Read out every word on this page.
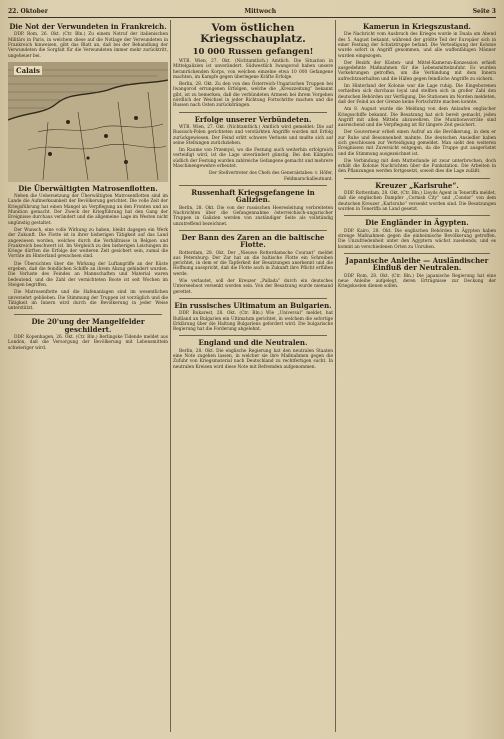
22. Oktober	Mittwoch	Seite 3
Die Not der Verwundeten in Frankreich.

DDP. Rom, 26. Okt. (Ctr. Bln.) Zu einem Notruf der italienischen Militärs in Paris, in welchem diese auf die Notlage der Verwundeten in Frankreich hinweisen, gibt das Blatt an, daß bei der Behandlung der Verwundeten die Sorgfalt für die Verwundeten immer mehr zurücktritt, ungeheuer bei.

Calais
Die Überwältigten Matrosenflotten.

Neben die Uebersetzung der Überwältigten Matrosenflotten sind im Lande die Aufmerksamkeit der Bevölkerung gerichtet. Die volle Zeit der Kriegsführung hat einen Mangel an Verpflegung an den Fronten und an Munition gemacht. Der Zweck der Kriegführung hat den Gang der Ereignisse durchaus verändert und die allgemeine Lage im Westen nicht ungünstig gestaltet.

Der Wunsch, eine volle Wirkung zu haben, bleibt dagegen ein Werk der Zukunft. Die Flotte ist in ihrer bisherigen Tätigkeit auf das Land angewiesen worden, welches durch die Verhältnisse in Belgien und Frankreich beschwert ist. Im Vergleich zu den bisherigen Leistungen im Kriege dürften die Erfolge der weiteren Zeit gesichert sein, zumal die Vorräte im Hinterland gewachsen sind.

Die Übersichten über die Wirkung der Luftangriffe an der Küste ergeben, daß die feindlichen Schiffe an ihrem Abzug gehindert wurden. Die Verluste des Feindes an Mannschaften und Material waren bedeutend, und die Zahl der vernichteten Boote ist seit Wochen im Steigen begriffen.

Die Matrosenflotte und die Hafenanlagen sind im wesentlichen unversehrt geblieben. Die Stimmung der Truppen ist vorzüglich und die Tätigkeit im Innern wird durch die Bevölkerung in jeder Weise unterstützt.

Die 20'ung der Mangelfelder geschildert.

DDP. Kopenhagen, 26. Okt. (Ctr. Bln.) Berlingske Tidende meldet aus London, daß die Versorgung der Bevölkerung mit Lebensmitteln schwieriger wird.

Vom östlichen Kriegsschauplatz.
10 000 Russen gefangen!

WTB. Wien, 27. Okt. (Nichtamtlich.) Amtlich. Die Situation in Mittelgalizien ist unverändert. Südwestlich Iwangorod haben unsere heranrückenden Korps, von welchen einzelne etwa 10 000 Gefangene machten, im Kampfe gegen überlegene Kräfte Erfolge.

Berlin, 28. Okt. Zu den von den Österreich-Ungarischen Truppen bei Iwangorod errungenen Erfolgen, welche die „Kreuzzeitung“ bekannt gibt, ist zu bemerken, daß die verbündeten Armeen bei ihrem Vorgehen nördlich der Weichsel in jeder Richtung Fortschritte machen und die Russen nach Osten zurückdrängen.

Erfolge unserer Verbündeten.

WTB. Wien, 27. Okt. (Nichtamtlich.) Amtlich wird gemeldet: Die auf Russisch-Polen gerichteten und verstärkten Angriffe wurden mit Erfolg zurückgewiesen. Der Feind erlitt schwere Verluste und mußte sich auf seine Stellungen zurückziehen.

Im Raume von Przemysl, wo die Festung auch weiterhin erfolgreich verteidigt wird, ist die Lage unverändert günstig. Bei den Kämpfen südlich der Festung wurden zahlreiche Gefangene gemacht und mehrere Maschinengewehre erbeutet.

Der Stellvertreter des Chefs des Generalstabes: v. Höfer, Feldmarschalleutnant.

Russenhaft Kriegsgefangene in Galizien.

Berlin, 28. Okt. Die von der russischen Heeresleitung verbreiteten Nachrichten über die Gefangennahme österreichisch-ungarischer Truppen in Galizien werden von zuständiger Seite als vollständig unzutreffend bezeichnet.

Der Bann des Zaren an die baltische Flotte.

Rotterdam, 28. Okt. Der „Nieuwe Rotterdamsche Courant“ meldet aus Petersburg: Der Zar hat an die baltische Flotte ein Schreiben gerichtet, in dem er die Tapferkeit der Besatzungen anerkennt und die Hoffnung ausspricht, daß die Flotte auch in Zukunft ihre Pflicht erfüllen werde.

Wie verlautet, soll der Kreuzer „Pallada“ durch ein deutsches Unterseeboot versenkt worden sein. Von der Besatzung wurde niemand gerettet.

Ein russisches Ultimatum an Bulgarien.

DDP. Bukarest, 28. Okt. (Ctr. Bln.) Wie „Universul“ meldet, hat Rußland an Bulgarien ein Ultimatum gerichtet, in welchem die sofortige Erklärung über die Haltung Bulgariens gefordert wird. Die bulgarische Regierung hat die Forderung abgelehnt.

England und die Neutralen.

Berlin, 28. Okt. Die englische Regierung hat den neutralen Staaten eine Note zugehen lassen, in welcher sie ihre Maßnahmen gegen die Zufuhr von Kriegsmaterial nach Deutschland zu rechtfertigen sucht. In neutralen Kreisen wird diese Note mit Befremden aufgenommen.

Kamerun in Kriegszustand.

Die Nachricht vom Ausbruch des Krieges wurde in Duala am Abend des 5. August bekannt, während der größte Teil der Europäer sich in einer Festung der Schutztruppe befand. Die Verteidigung der Kolonie wurde sofort in Angriff genommen, und alle waffenfähigen Männer wurden eingezogen.

Der Bezirk der Küsten- und Mittel-Kamerun-Konzession erhielt ausgedehnte Maßnahmen für die Lebensmittelzufuhr. Es wurden Vorkehrungen getroffen, um die Verbindung mit dem Innern aufrechtzuerhalten und die Häfen gegen feindliche Angriffe zu sichern.

Im Hinterland der Kolonie war die Lage ruhig. Die Eingeborenen verhielten sich durchaus loyal und stellten sich in großer Zahl den deutschen Behörden zur Verfügung. Die Stationen im Norden meldeten, daß der Feind an der Grenze keine Fortschritte machen konnte.

Am 8. August wurde die Meldung von dem Anlaufen englischer Kriegsschiffe bekannt. Die Besatzung hat sich bereit gemacht, jeden Angriff mit allen Mitteln abzuwehren. Die Munitionsvorräte sind ausreichend und die Verpflegung ist für längere Zeit gesichert.

Der Gouverneur erließ einen Aufruf an die Bevölkerung, in dem er zur Ruhe und Besonnenheit mahnte. Die deutschen Ansiedler haben sich geschlossen zur Verteidigung gemeldet. Man sieht den weiteren Ereignissen mit Zuversicht entgegen, da die Truppe gut ausgerüstet und die Stimmung ausgezeichnet ist.

Die Verbindung mit dem Mutterlande ist zwar unterbrochen, doch erhält die Kolonie Nachrichten über die Funkstation. Die Arbeiten in den Pflanzungen werden fortgesetzt, soweit dies die Lage zuläßt.

Kreuzer „Karlsruhe“.

DDP. Rotterdam, 28. Okt. (Ctr. Bln.) Lloyds Agent in Teneriffa meldet, daß die englischen Dampfer „Cornish City“ und „Condor“ von dem deutschen Kreuzer „Karlsruhe“ versenkt worden sind. Die Besatzungen wurden in Teneriffa an Land gesetzt.

Die Engländer in Ägypten.

DDP. Kairo, 28. Okt. Die englischen Behörden in Ägypten haben strenge Maßnahmen gegen die einheimische Bevölkerung getroffen. Die Unzufriedenheit unter den Ägyptern wächst zusehends, und es kommt an verschiedenen Orten zu Unruhen.

Japanische Anleihe — Ausländischer Einfluß der Neutralen.

DDP. Rom, 28. Okt. (Ctr. Bln.) Die japanische Regierung hat eine neue Anleihe aufgelegt, deren Erträgnisse zur Deckung der Kriegskosten dienen sollen.
